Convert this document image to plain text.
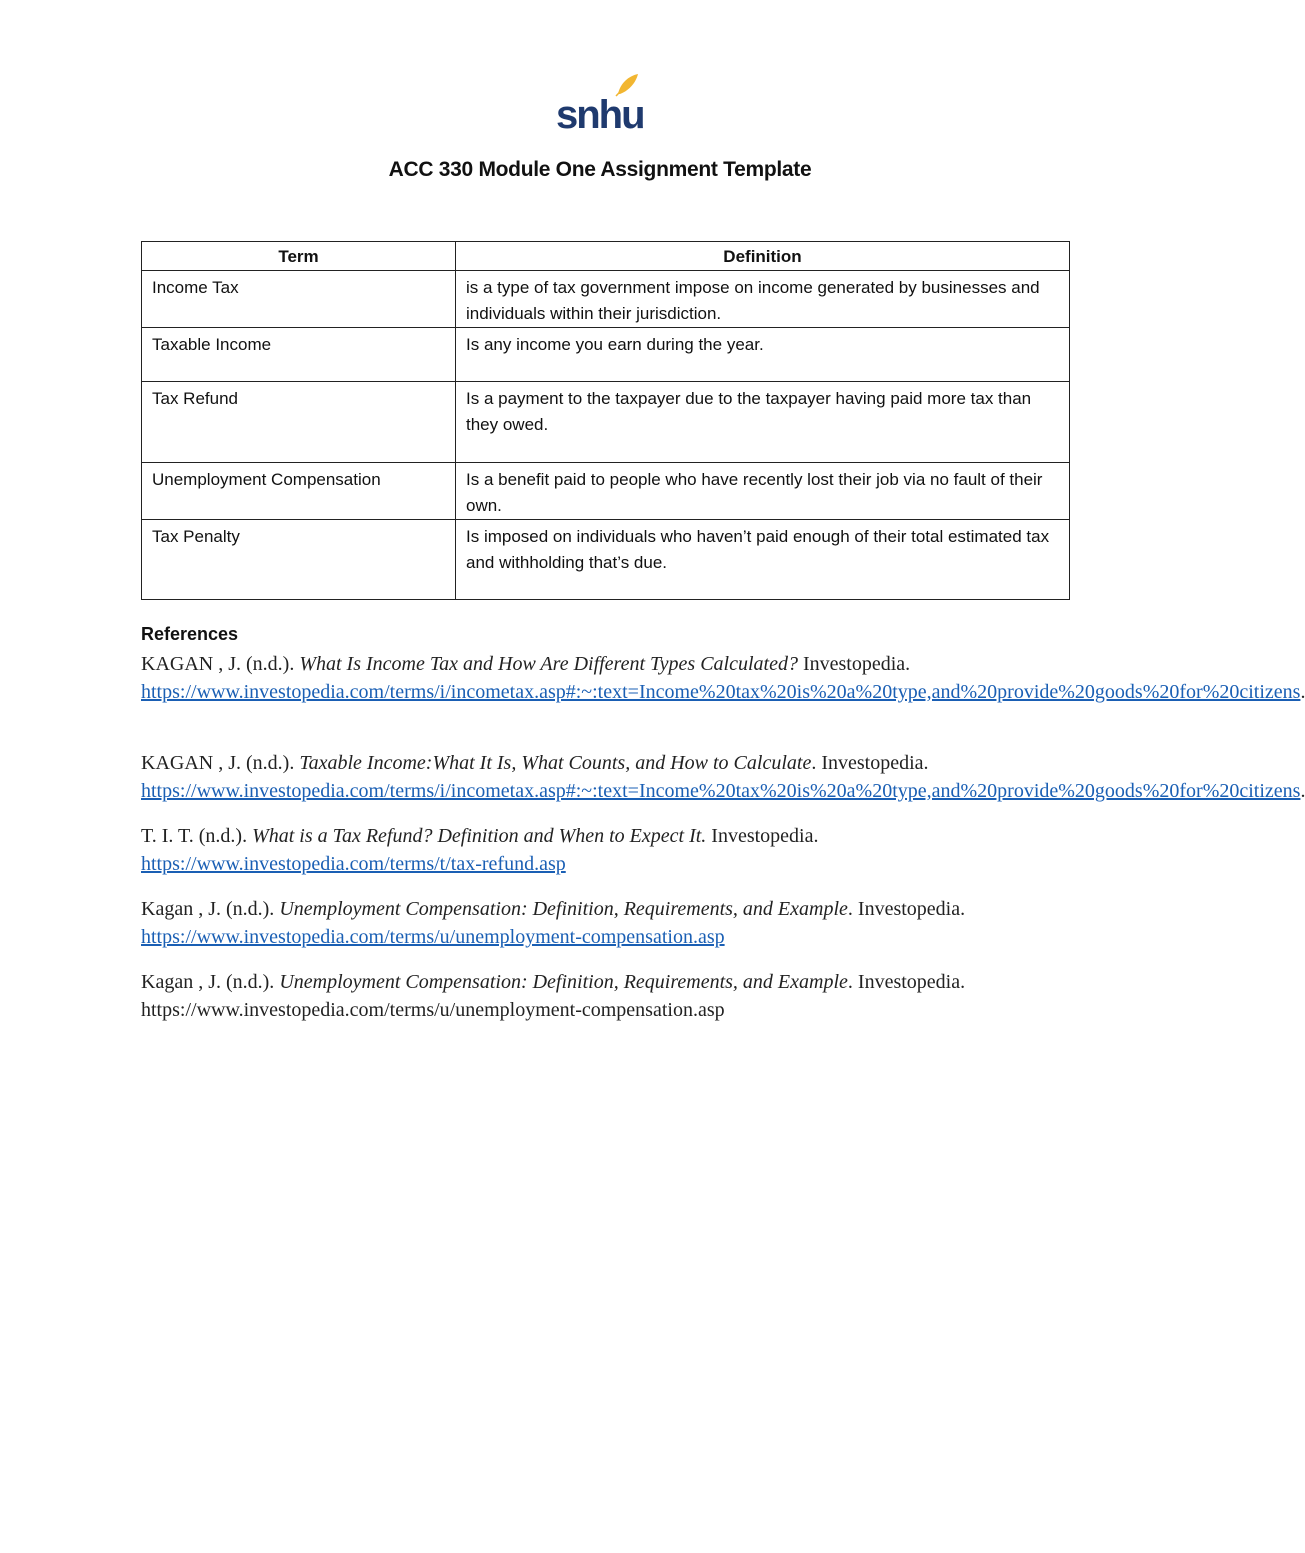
snhu
ACC 330 Module One Assignment Template
Term	Definition
Income Tax	is a type of tax government impose on income generated by businesses and individuals within their jurisdiction.
Taxable Income	Is any income you earn during the year.
Tax Refund	Is a payment to the taxpayer due to the taxpayer having paid more tax than they owed.
Unemployment Compensation	Is a benefit paid to people who have recently lost their job via no fault of their own.
Tax Penalty	Is imposed on individuals who haven’t paid enough of their total estimated tax and withholding that’s due.
References

KAGAN , J. (n.d.). What Is Income Tax and How Are Different Types Calculated? Investopedia. https://www.investopedia.com/terms/i/incometax.asp#:~:text=Income%20tax%20is%20a%20type,and%20provide%20goods%20for%20citizens.

KAGAN , J. (n.d.). Taxable Income:What It Is, What Counts, and How to Calculate. Investopedia. https://www.investopedia.com/terms/i/incometax.asp#:~:text=Income%20tax%20is%20a%20type,and%20provide%20goods%20for%20citizens.

T. I. T. (n.d.). What is a Tax Refund? Definition and When to Expect It. Investopedia. https://www.investopedia.com/terms/t/tax-refund.asp

Kagan , J. (n.d.). Unemployment Compensation: Definition, Requirements, and Example. Investopedia. https://www.investopedia.com/terms/u/unemployment-compensation.asp

Kagan , J. (n.d.). Unemployment Compensation: Definition, Requirements, and Example. Investopedia. https://www.investopedia.com/terms/u/unemployment-compensation.asp
